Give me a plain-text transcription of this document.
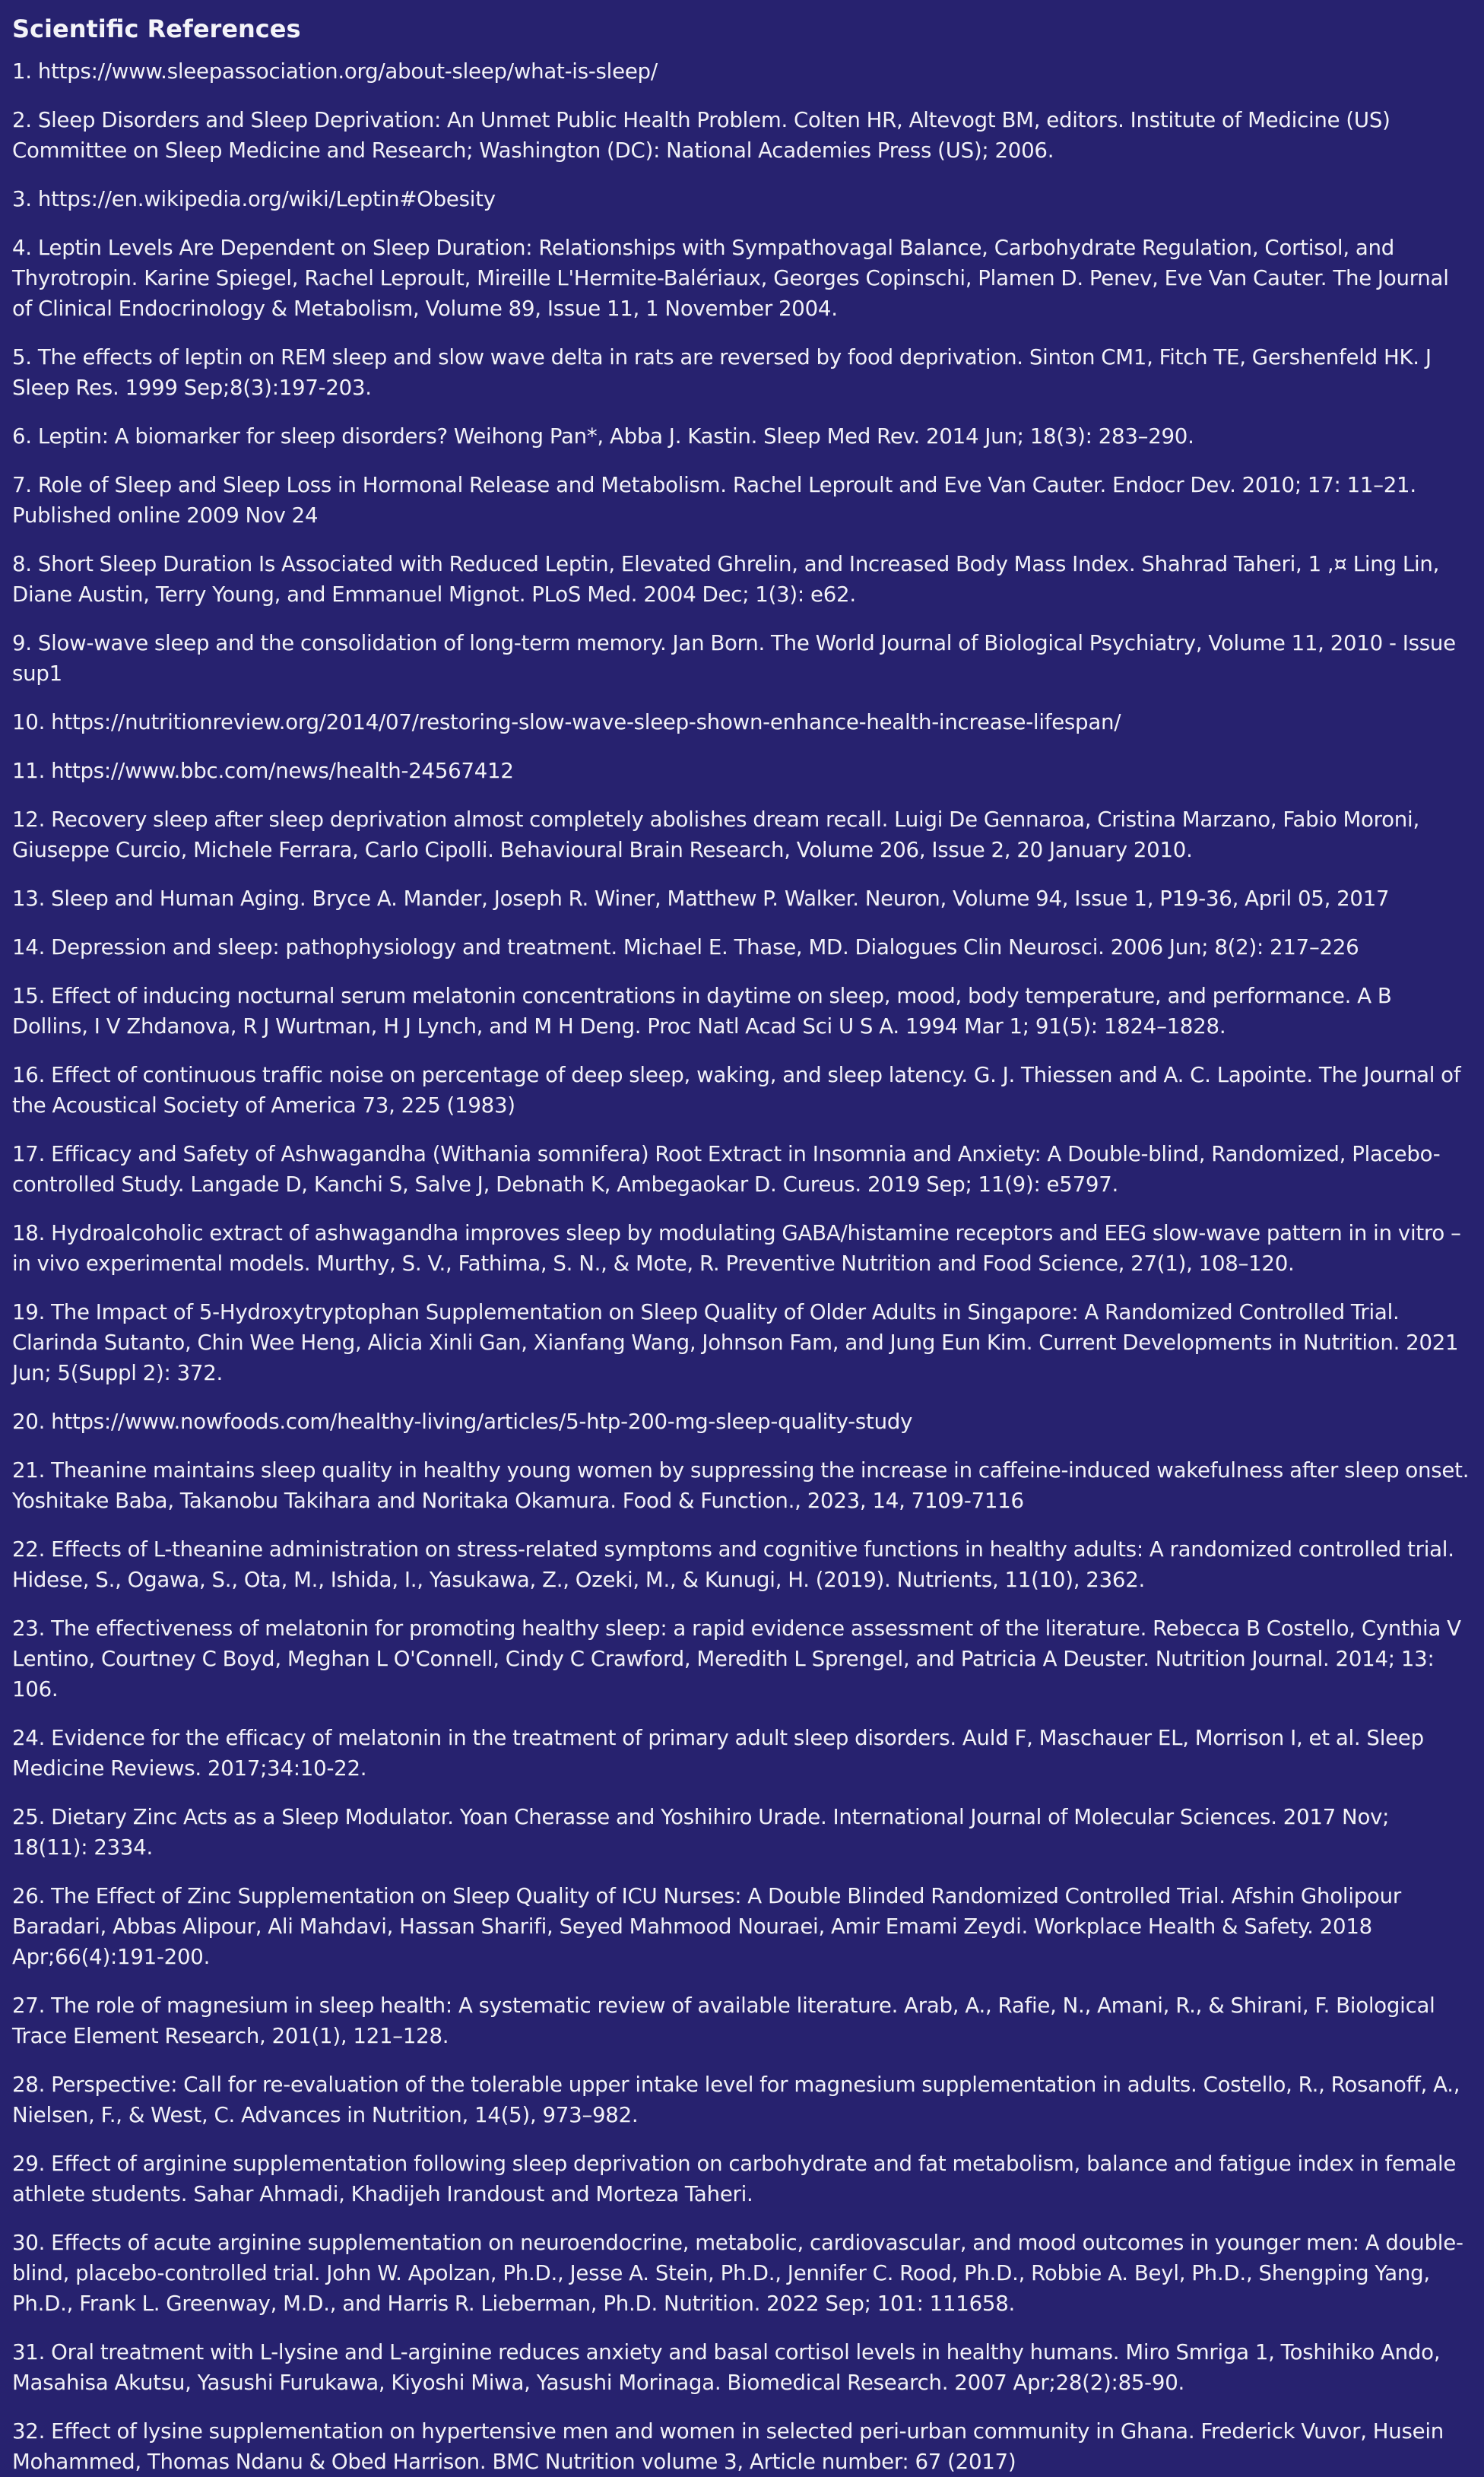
Scientific References
1. https://www.sleepassociation.org/about-sleep/what-is-sleep/
2. Sleep Disorders and Sleep Deprivation: An Unmet Public Health Problem. Colten HR, Altevogt BM, editors. Institute of Medicine (US) Committee on Sleep Medicine and Research; Washington (DC): National Academies Press (US); 2006.
3. https://en.wikipedia.org/wiki/Leptin#Obesity
4. Leptin Levels Are Dependent on Sleep Duration: Relationships with Sympathovagal Balance, Carbohydrate Regulation, Cortisol, and Thyrotropin. Karine Spiegel, Rachel Leproult, Mireille L'Hermite-Balériaux, Georges Copinschi, Plamen D. Penev, Eve Van Cauter. The Journal of Clinical Endocrinology & Metabolism, Volume 89, Issue 11, 1 November 2004.
5. The effects of leptin on REM sleep and slow wave delta in rats are reversed by food deprivation. Sinton CM1, Fitch TE, Gershenfeld HK. J Sleep Res. 1999 Sep;8(3):197-203.
6. Leptin: A biomarker for sleep disorders? Weihong Pan*, Abba J. Kastin. Sleep Med Rev. 2014 Jun; 18(3): 283–290.
7. Role of Sleep and Sleep Loss in Hormonal Release and Metabolism. Rachel Leproult and Eve Van Cauter. Endocr Dev. 2010; 17: 11–21. Published online 2009 Nov 24
8. Short Sleep Duration Is Associated with Reduced Leptin, Elevated Ghrelin, and Increased Body Mass Index. Shahrad Taheri, 1 ,¤ Ling Lin, Diane Austin, Terry Young, and Emmanuel Mignot. PLoS Med. 2004 Dec; 1(3): e62.
9. Slow-wave sleep and the consolidation of long-term memory. Jan Born. The World Journal of Biological Psychiatry, Volume 11, 2010 - Issue sup1
10. https://nutritionreview.org/2014/07/restoring-slow-wave-sleep-shown-enhance-health-increase-lifespan/
11. https://www.bbc.com/news/health-24567412
12. Recovery sleep after sleep deprivation almost completely abolishes dream recall. Luigi De Gennaroa, Cristina Marzano, Fabio Moroni, Giuseppe Curcio, Michele Ferrara, Carlo Cipolli. Behavioural Brain Research, Volume 206, Issue 2, 20 January 2010.
13. Sleep and Human Aging. Bryce A. Mander, Joseph R. Winer, Matthew P. Walker. Neuron, Volume 94, Issue 1, P19-36, April 05, 2017
14. Depression and sleep: pathophysiology and treatment. Michael E. Thase, MD. Dialogues Clin Neurosci. 2006 Jun; 8(2): 217–226
15. Effect of inducing nocturnal serum melatonin concentrations in daytime on sleep, mood, body temperature, and performance. A B Dollins, I V Zhdanova, R J Wurtman, H J Lynch, and M H Deng. Proc Natl Acad Sci U S A. 1994 Mar 1; 91(5): 1824–1828.
16. Effect of continuous traffic noise on percentage of deep sleep, waking, and sleep latency. G. J. Thiessen and A. C. Lapointe. The Journal of the Acoustical Society of America 73, 225 (1983)
17. Efficacy and Safety of Ashwagandha (Withania somnifera) Root Extract in Insomnia and Anxiety: A Double-blind, Randomized, Placebo-controlled Study. Langade D, Kanchi S, Salve J, Debnath K, Ambegaokar D. Cureus. 2019 Sep; 11(9): e5797.
18. Hydroalcoholic extract of ashwagandha improves sleep by modulating GABA/histamine receptors and EEG slow-wave pattern in in vitro – in vivo experimental models. Murthy, S. V., Fathima, S. N., & Mote, R. Preventive Nutrition and Food Science, 27(1), 108–120.
19. The Impact of 5-Hydroxytryptophan Supplementation on Sleep Quality of Older Adults in Singapore: A Randomized Controlled Trial. Clarinda Sutanto, Chin Wee Heng, Alicia Xinli Gan, Xianfang Wang, Johnson Fam, and Jung Eun Kim. Current Developments in Nutrition. 2021 Jun; 5(Suppl 2): 372.
20. https://www.nowfoods.com/healthy-living/articles/5-htp-200-mg-sleep-quality-study
21. Theanine maintains sleep quality in healthy young women by suppressing the increase in caffeine-induced wakefulness after sleep onset. Yoshitake Baba, Takanobu Takihara and Noritaka Okamura. Food & Function., 2023, 14, 7109-7116
22. Effects of L-theanine administration on stress-related symptoms and cognitive functions in healthy adults: A randomized controlled trial. Hidese, S., Ogawa, S., Ota, M., Ishida, I., Yasukawa, Z., Ozeki, M., & Kunugi, H. (2019). Nutrients, 11(10), 2362.
23. The effectiveness of melatonin for promoting healthy sleep: a rapid evidence assessment of the literature. Rebecca B Costello, Cynthia V Lentino, Courtney C Boyd, Meghan L O'Connell, Cindy C Crawford, Meredith L Sprengel, and Patricia A Deuster. Nutrition Journal. 2014; 13: 106.
24. Evidence for the efficacy of melatonin in the treatment of primary adult sleep disorders. Auld F, Maschauer EL, Morrison I, et al. Sleep Medicine Reviews. 2017;34:10-22.
25. Dietary Zinc Acts as a Sleep Modulator. Yoan Cherasse and Yoshihiro Urade. International Journal of Molecular Sciences. 2017 Nov; 18(11): 2334.
26. The Effect of Zinc Supplementation on Sleep Quality of ICU Nurses: A Double Blinded Randomized Controlled Trial. Afshin Gholipour Baradari, Abbas Alipour, Ali Mahdavi, Hassan Sharifi, Seyed Mahmood Nouraei, Amir Emami Zeydi. Workplace Health & Safety. 2018 Apr;66(4):191-200.
27. The role of magnesium in sleep health: A systematic review of available literature. Arab, A., Rafie, N., Amani, R., & Shirani, F. Biological Trace Element Research, 201(1), 121–128.
28. Perspective: Call for re-evaluation of the tolerable upper intake level for magnesium supplementation in adults. Costello, R., Rosanoff, A., Nielsen, F., & West, C. Advances in Nutrition, 14(5), 973–982.
29. Effect of arginine supplementation following sleep deprivation on carbohydrate and fat metabolism, balance and fatigue index in female athlete students. Sahar Ahmadi, Khadijeh Irandoust and Morteza Taheri.
30. Effects of acute arginine supplementation on neuroendocrine, metabolic, cardiovascular, and mood outcomes in younger men: A double-blind, placebo-controlled trial. John W. Apolzan, Ph.D., Jesse A. Stein, Ph.D., Jennifer C. Rood, Ph.D., Robbie A. Beyl, Ph.D., Shengping Yang, Ph.D., Frank L. Greenway, M.D., and Harris R. Lieberman, Ph.D. Nutrition. 2022 Sep; 101: 111658.
31. Oral treatment with L-lysine and L-arginine reduces anxiety and basal cortisol levels in healthy humans. Miro Smriga 1, Toshihiko Ando, Masahisa Akutsu, Yasushi Furukawa, Kiyoshi Miwa, Yasushi Morinaga. Biomedical Research. 2007 Apr;28(2):85-90.
32. Effect of lysine supplementation on hypertensive men and women in selected peri-urban community in Ghana. Frederick Vuvor, Husein Mohammed, Thomas Ndanu & Obed Harrison. BMC Nutrition volume 3, Article number: 67 (2017)
